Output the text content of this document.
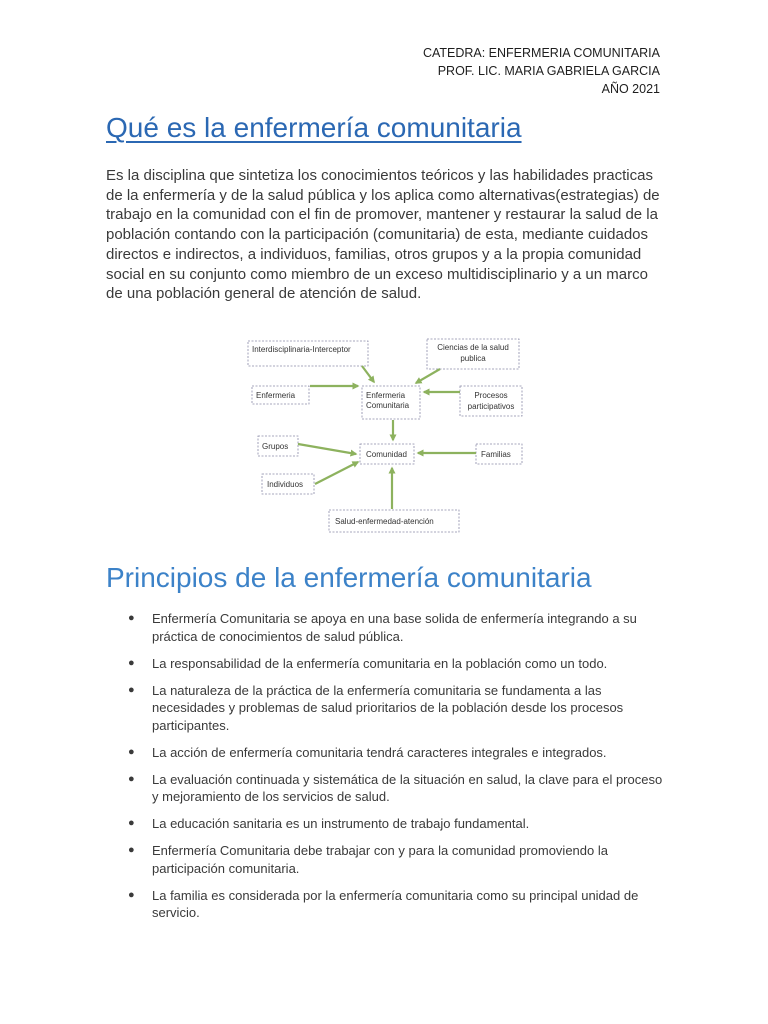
CATEDRA: ENFERMERIA COMUNITARIA
PROF. LIC. MARIA GABRIELA GARCIA
AÑO 2021
Qué es la enfermería comunitaria

Es la disciplina que sintetiza los conocimientos teóricos y las habilidades practicas de la enfermería y de la salud pública y los aplica como alternativas(estrategias) de trabajo en la comunidad con el fin de promover, mantener y restaurar la salud de la población contando con la participación (comunitaria) de esta, mediante cuidados directos e indirectos, a individuos, familias, otros grupos y a la propia comunidad social en su conjunto como miembro de un exceso multidisciplinario y a un marco de una población general de atención de salud.

Interdisciplinaria-Interceptor	Ciencias de la salud
publica
Enfermeria	Enfermeria
Comunitaria
Procesos
participativos
Grupos
Comunidad	Familias
Individuos
Salud-enfermedad-atención
Principios de la enfermería comunitaria
● Enfermería Comunitaria se apoya en una base solida de enfermería integrando a su práctica de conocimientos de salud pública.
● La responsabilidad de la enfermería comunitaria en la población como un todo.
● La naturaleza de la práctica de la enfermería comunitaria se fundamenta a las necesidades y problemas de salud prioritarios de la población desde los procesos participantes.
● La acción de enfermería comunitaria tendrá caracteres integrales e integrados.
● La evaluación continuada y sistemática de la situación en salud, la clave para el proceso y mejoramiento de los servicios de salud.
● La educación sanitaria es un instrumento de trabajo fundamental.
● Enfermería Comunitaria debe trabajar con y para la comunidad promoviendo la participación comunitaria.
● La familia es considerada por la enfermería comunitaria como su principal unidad de servicio.
